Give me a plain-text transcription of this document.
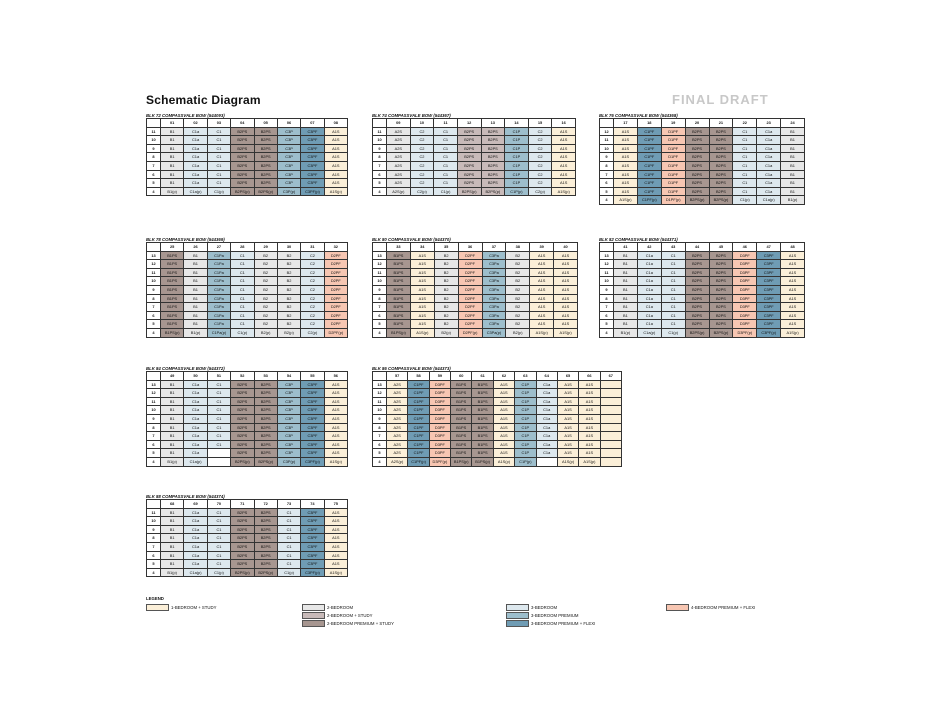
Schematic Diagram	FINAL DRAFT
BLK 72 COMPASSVALE BOW (544093)
	01	02	03	04	05	06	07	08
11	B1	C1a	C1	B2PS	B2PS	C3P	C3PF	A1S
10	B1	C1a	C1	B2PS	B2PS	C3P	C3PF	A1S
9	B1	C1a	C1	B2PS	B2PS	C3P	C3PF	A1S
8	B1	C1a	C1	B2PS	B2PS	C3P	C3PF	A1S
7	B1	C1a	C1	B2PS	B2PS	C3P	C3PF	A1S
6	B1	C1a	C1	B2PS	B2PS	C3P	C3PF	A1S
5	B1	C1a	C1	B2PS	B2PS	C3P	C3PF	A1S
4	B1(p)	C1a(p)	C1(p)	B2PS(p)	B2PS(p)	C3P(p)	C3PF(p)	A1S(p)
BLK 74 COMPASSVALE BOW (544367)
	09	10	11	12	13	14	15	16
11	A2S	C2	C1	B2PS	B2PS	C1P	C2	A1S
10	A2S	C2	C1	B2PS	B2PS	C1P	C2	A1S
9	A2S	C2	C1	B2PS	B2PS	C1P	C2	A1S
8	A2S	C2	C1	B2PS	B2PS	C1P	C2	A1S
7	A2S	C2	C1	B2PS	B2PS	C1P	C2	A1S
6	A2S	C2	C1	B2PS	B2PS	C1P	C2	A1S
5	A2S	C2	C1	B2PS	B2PS	C1P	C2	A1S
4	A2S(p)	C2(p)	C1(p)	B2PS(p)	B2PS(p)	C1P(p)	C2(p)	A1S(p)
BLK 76 COMPASSVALE BOW (544368)
	17	18	19	20	21	22	23	24
12	A1S	C1PF	D1PF	B2PS	B2PS	C1	C1a	B1
11	A1S	C1PF	D1PF	B2PS	B2PS	C1	C1a	B1
10	A1S	C1PF	D1PF	B2PS	B2PS	C1	C1a	B1
9	A1S	C1PF	D1PF	B2PS	B2PS	C1	C1a	B1
8	A1S	C1PF	D1PF	B2PS	B2PS	C1	C1a	B1
7	A1S	C1PF	D1PF	B2PS	B2PS	C1	C1a	B1
6	A1S	C1PF	D1PF	B2PS	B2PS	C1	C1a	B1
5	A1S	C1PF	D1PF	B2PS	B2PS	C1	C1a	B1
4	A1S(p)	C1PF(p)	D1PF(p)	B2PS(p)	B2PS(p)	C1(p)	C1a(p)	B1(p)
BLK 78 COMPASSVALE BOW (544369)
	25	26	27	28	29	30	31	32
13	B1PS	B1	C1Pa	C1	B2	B2	C2	D2PF
12	B1PS	B1	C1Pa	C1	B2	B2	C2	D2PF
11	B1PS	B1	C1Pa	C1	B2	B2	C2	D2PF
10	B1PS	B1	C1Pa	C1	B2	B2	C2	D2PF
9	B1PS	B1	C1Pa	C1	B2	B2	C2	D2PF
8	B1PS	B1	C1Pa	C1	B2	B2	C2	D2PF
7	B1PS	B1	C1Pa	C1	B2	B2	C2	D2PF
6	B1PS	B1	C1Pa	C1	B2	B2	C2	D2PF
5	B1PS	B1	C1Pa	C1	B2	B2	C2	D2PF
4	B1PS(p)	B1(p)	C1Pa(p)	C1(p)	B2(p)	B2(p)	C2(p)	D2PF(p)
BLK 80 COMPASSVALE BOW (544370)
	33	34	35	36	37	38	39	40
13	B1PS	A1S	B2	D2PF	C3Pa	B2	A1S	A1S
12	B1PS	A1S	B2	D2PF	C3Pa	B2	A1S	A1S
11	B1PS	A1S	B2	D2PF	C3Pa	B2	A1S	A1S
10	B1PS	A1S	B2	D2PF	C3Pa	B2	A1S	A1S
9	B1PS	A1S	B2	D2PF	C3Pa	B2	A1S	A1S
8	B1PS	A1S	B2	D2PF	C3Pa	B2	A1S	A1S
7	B1PS	A1S	B2	D2PF	C3Pa	B2	A1S	A1S
6	B1PS	A1S	B2	D2PF	C3Pa	B2	A1S	A1S
5	B1PS	A1S	B2	D2PF	C3Pa	B2	A1S	A1S
4	B1PS(p)	A1S(p)	B2(p)	D2PF(p)	C3Pa(p)	B2(p)	A1S(p)	A1S(p)
BLK 82 COMPASSVALE BOW (544371)
	41	42	43	44	45	46	47	48
13	B1	C1a	C1	B2PS	B2PS	D3PF	C3PF	A1S
12	B1	C1a	C1	B2PS	B2PS	D3PF	C3PF	A1S
11	B1	C1a	C1	B2PS	B2PS	D3PF	C3PF	A1S
10	B1	C1a	C1	B2PS	B2PS	D3PF	C3PF	A1S
9	B1	C1a	C1	B2PS	B2PS	D3PF	C3PF	A1S
8	B1	C1a	C1	B2PS	B2PS	D3PF	C3PF	A1S
7	B1	C1a	C1	B2PS	B2PS	D3PF	C3PF	A1S
6	B1	C1a	C1	B2PS	B2PS	D3PF	C3PF	A1S
5	B1	C1a	C1	B2PS	B2PS	D3PF	C3PF	A1S
4	B1(p)	C1a(p)	C1(p)	B2PS(p)	B2PS(p)	D3PF(p)	C3PF(p)	A1S(p)
BLK 84 COMPASSVALE BOW (544372)
	49	50	51	52	53	54	55	56
13	B1	C1a	C1	B2PS	B2PS	C3P	C3PF	A1S
12	B1	C1a	C1	B2PS	B2PS	C3P	C3PF	A1S
11	B1	C1a	C1	B2PS	B2PS	C3P	C3PF	A1S
10	B1	C1a	C1	B2PS	B2PS	C3P	C3PF	A1S
9	B1	C1a	C1	B2PS	B2PS	C3P	C3PF	A1S
8	B1	C1a	C1	B2PS	B2PS	C3P	C3PF	A1S
7	B1	C1a	C1	B2PS	B2PS	C3P	C3PF	A1S
6	B1	C1a	C1	B2PS	B2PS	C3P	C3PF	A1S
5	B1	C1a		B2PS	B2PS	C3P	C3PF	A1S
4	B1(p)	C1a(p)		B2PS(p)	B2PS(p)	C3P(p)	C3PF(p)	A1S(p)
BLK 86 COMPASSVALE BOW (544373)
	57	58	59	60	61	62	63	64	65	66	67
13	A2S	C1PF	D3PF	B1PS	B1PS	A1S	C1P	C1a	A1S	A1S	
12	A2S	C1PF	D3PF	B1PS	B1PS	A1S	C1P	C1a	A1S	A1S	
11	A2S	C1PF	D3PF	B1PS	B1PS	A1S	C1P	C1a	A1S	A1S	
10	A2S	C1PF	D3PF	B1PS	B1PS	A1S	C1P	C1a	A1S	A1S	
9	A2S	C1PF	D3PF	B1PS	B1PS	A1S	C1P	C1a	A1S	A1S	
8	A2S	C1PF	D3PF	B1PS	B1PS	A1S	C1P	C1a	A1S	A1S	
7	A2S	C1PF	D3PF	B1PS	B1PS	A1S	C1P	C1a	A1S	A1S	
6	A2S	C1PF	D3PF	B1PS	B1PS	A1S	C1P	C1a	A1S	A1S	
5	A2S	C1PF	D3PF	B1PS	B1PS	A1S	C1P	C1a	A1S	A1S	
4	A2S(p)	C1PF(p)	D3PF(p)	B1PS(p)	B1PS(p)	A1S(p)	C1P(p)		A1S(p)	A1S(p)	
BLK 88 COMPASSVALE BOW (544374)
	68	69	70	71	72	73	74	75
11	B1	C1a	C1	B2PS	B2PS	C1	C3PF	A1S
10	B1	C1a	C1	B2PS	B2PS	C1	C3PF	A1S
9	B1	C1a	C1	B2PS	B2PS	C1	C3PF	A1S
8	B1	C1a	C1	B2PS	B2PS	C1	C3PF	A1S
7	B1	C1a	C1	B2PS	B2PS	C1	C3PF	A1S
6	B1	C1a	C1	B2PS	B2PS	C1	C3PF	A1S
5	B1	C1a	C1	B2PS	B2PS	C1	C3PF	A1S
4	B1(p)	C1a(p)	C1(p)	B2PS(p)	B2PS(p)	C1(p)	C3PF(p)	A1S(p)
LEGEND
1-BEDROOM + STUDY	2-BEDROOM
2-BEDROOM + STUDY
2-BEDROOM PREMIUM + STUDY
3-BEDROOM
3-BEDROOM PREMIUM
3-BEDROOM PREMIUM + FLEXI
4-BEDROOM PREMIUM + FLEXI
